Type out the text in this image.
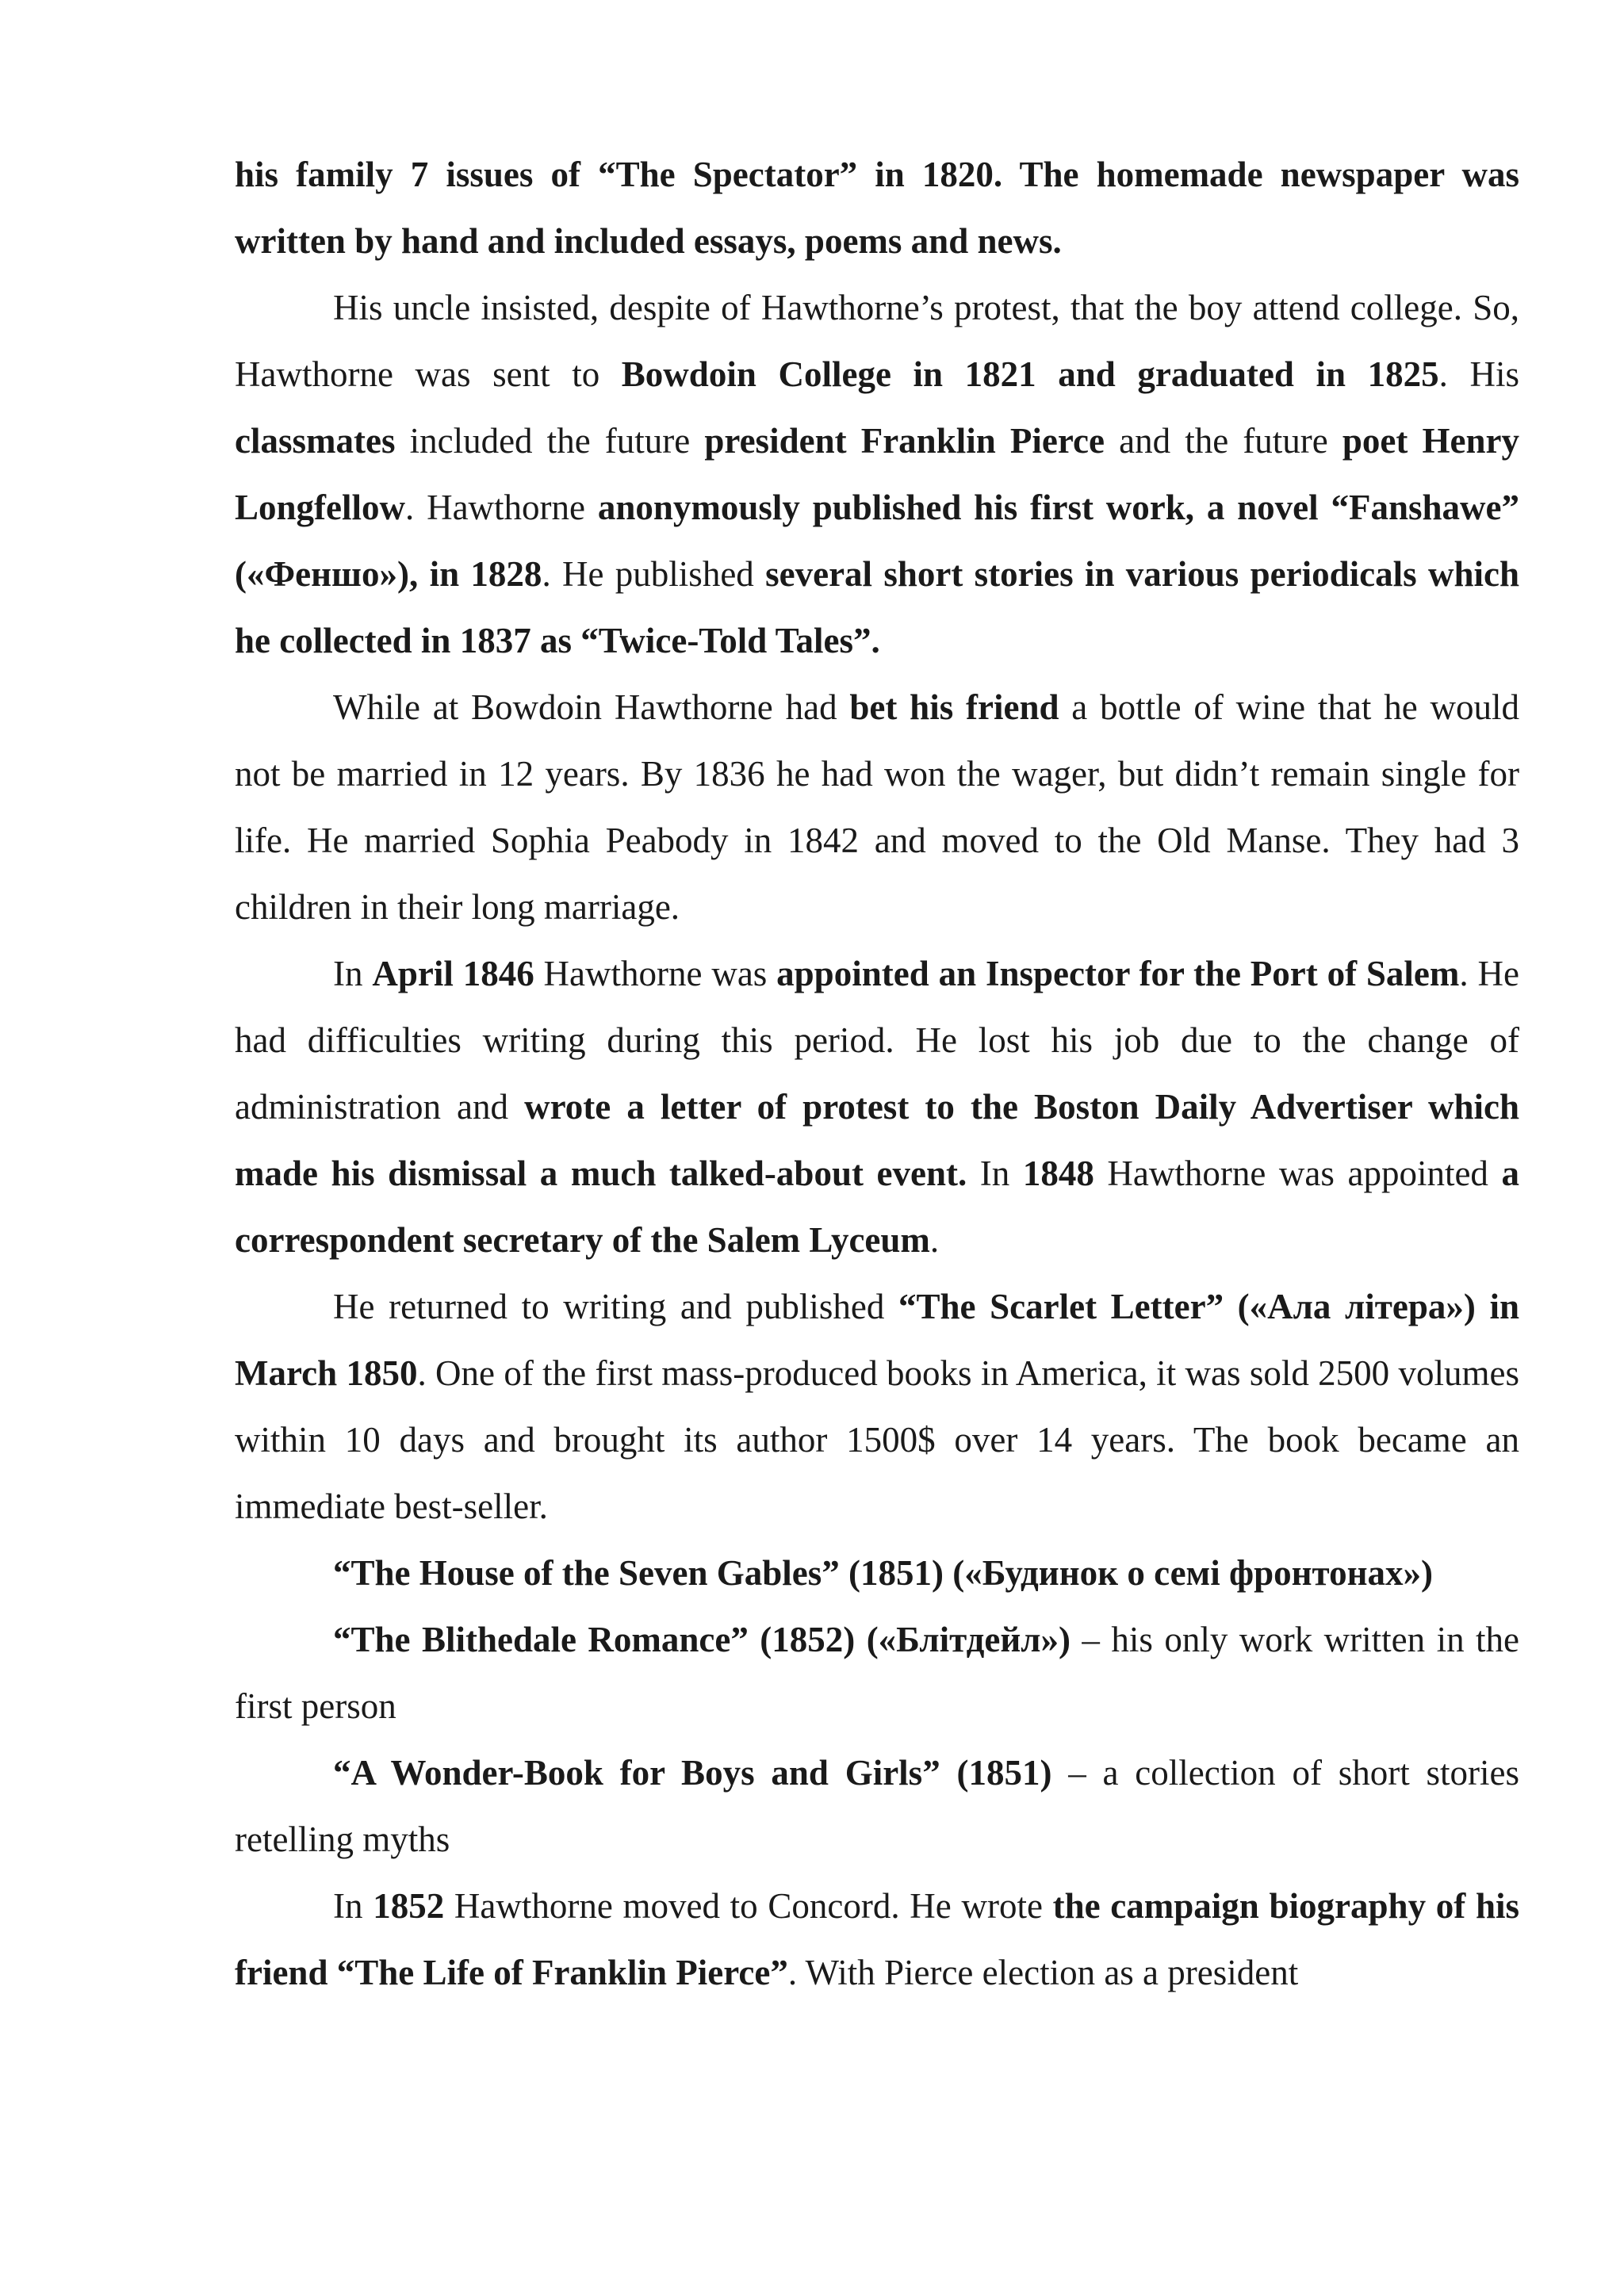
his family 7 issues of “The Spectator” in 1820. The homemade newspaper was written by hand and included essays, poems and news.

His uncle insisted, despite of Hawthorne’s protest, that the boy attend college. So, Hawthorne was sent to Bowdoin College in 1821 and graduated in 1825. His classmates included the future president Franklin Pierce and the future poet Henry Longfellow. Hawthorne anonymously published his first work, a novel “Fanshawe” («Феншо»), in 1828. He published several short stories in various periodicals which he collected in 1837 as “Twice-Told Tales”.

While at Bowdoin Hawthorne had bet his friend a bottle of wine that he would not be married in 12 years. By 1836 he had won the wager, but didn’t remain single for life. He married Sophia Peabody in 1842 and moved to the Old Manse. They had 3 children in their long marriage.

In April 1846 Hawthorne was appointed an Inspector for the Port of Salem. He had difficulties writing during this period. He lost his job due to the change of administration and wrote a letter of protest to the Boston Daily Advertiser which made his dismissal a much talked-about event. In 1848 Hawthorne was appointed a correspondent secretary of the Salem Lyceum.

He returned to writing and published “The Scarlet Letter” («Ала літера») in March 1850. One of the first mass-produced books in America, it was sold 2500 volumes within 10 days and brought its author 1500$ over 14 years. The book became an immediate best-seller.

“The House of the Seven Gables” (1851) («Будинок о семі фронтонах»)

“The Blithedale Romance” (1852) («Блітдейл») – his only work written in the first person

“A Wonder-Book for Boys and Girls” (1851) – a collection of short stories retelling myths

In 1852 Hawthorne moved to Concord. He wrote the campaign biography of his friend “The Life of Franklin Pierce”. With Pierce election as a president
